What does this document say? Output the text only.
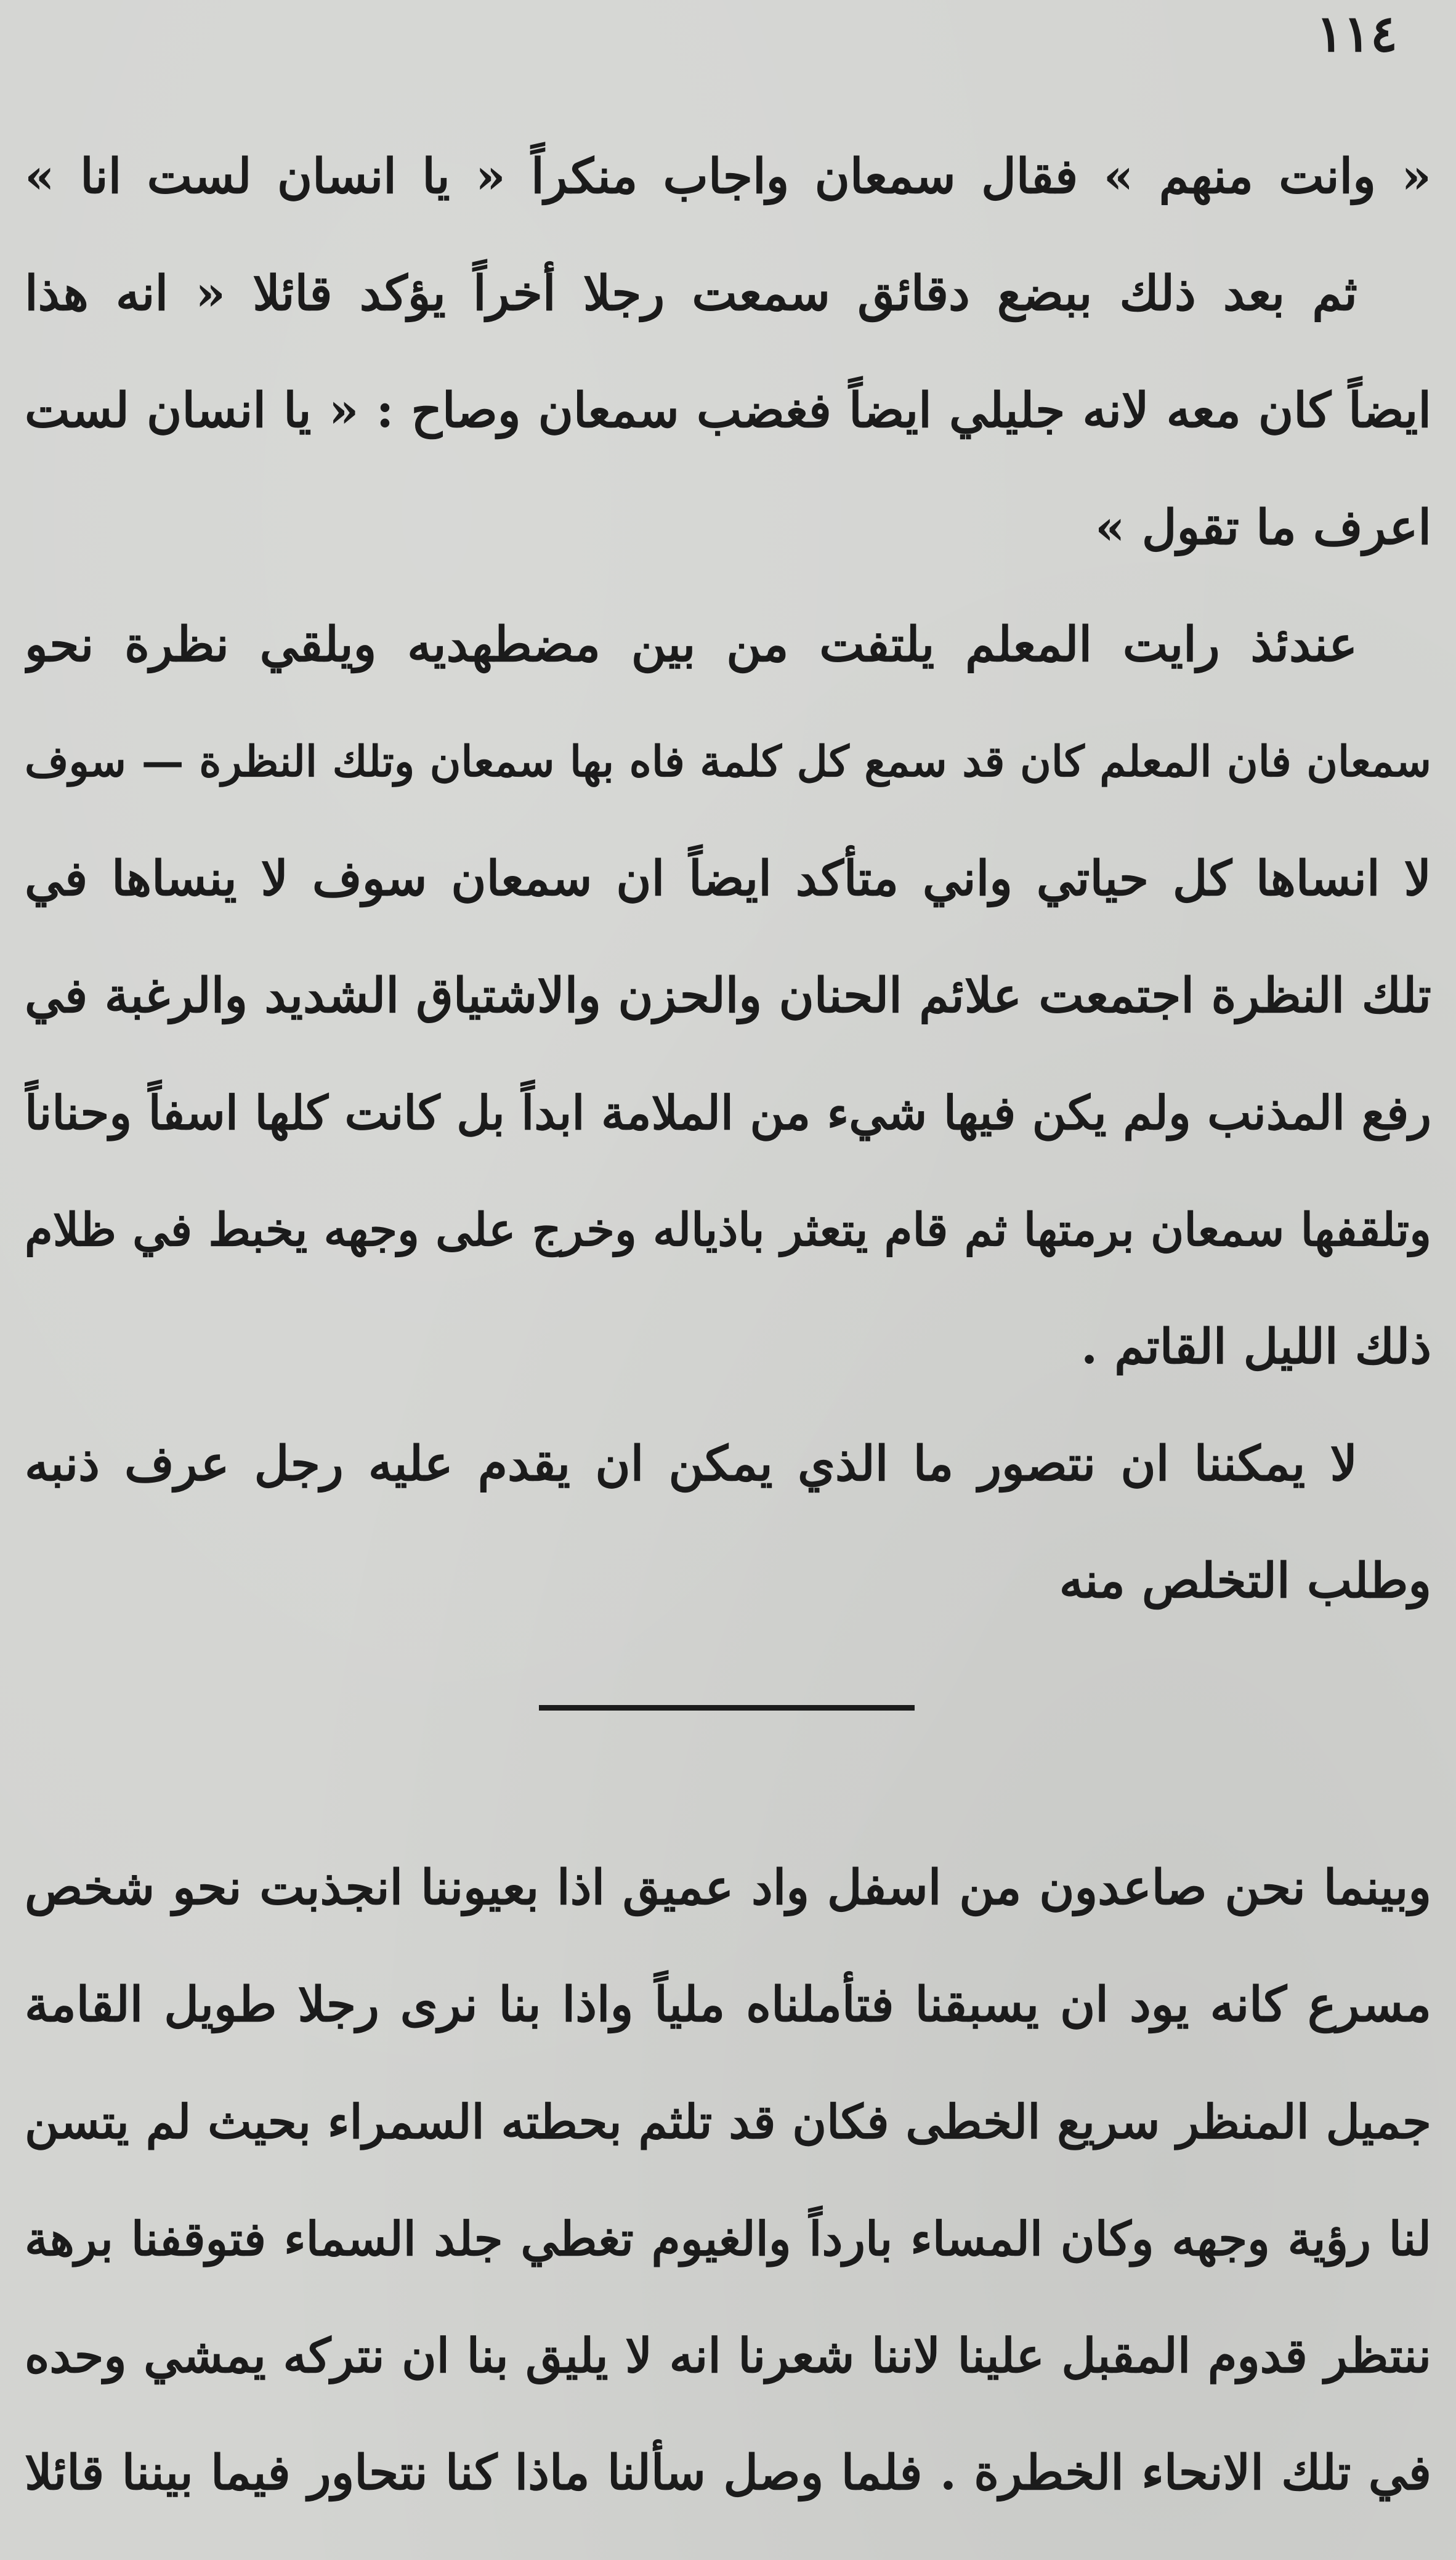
١١٤
« وانت منهم » فقال سمعان واجاب منكراً « يا انسان لست انا »
ثم بعد ذلك ببضع دقائق سمعت رجلا أخراً يؤكد قائلا « انه هذا
ايضاً كان معه لانه جليلي ايضاً فغضب سمعان وصاح : « يا انسان لست
اعرف ما تقول »
عندئذ رايت المعلم يلتفت من بين مضطهديه ويلقي نظرة نحو
سمعان فان المعلم كان قد سمع كل كلمة فاه بها سمعان وتلك النظرة — سوف
لا انساها كل حياتي واني متأكد ايضاً ان سمعان سوف لا ينساها في
تلك النظرة اجتمعت علائم الحنان والحزن والاشتياق الشديد والرغبة في
رفع المذنب ولم يكن فيها شيء من الملامة ابداً بل كانت كلها اسفاً وحناناً
وتلقفها سمعان برمتها ثم قام يتعثر باذياله وخرج على وجهه يخبط في ظلام
ذلك الليل القاتم .
لا يمكننا ان نتصور ما الذي يمكن ان يقدم عليه رجل عرف ذنبه
وطلب التخلص منه
وبينما نحن صاعدون من اسفل واد عميق اذا بعيوننا انجذبت نحو شخص
مسرع كانه يود ان يسبقنا فتأملناه ملياً واذا بنا نرى رجلا طويل القامة
جميل المنظر سريع الخطى فكان قد تلثم بحطته السمراء بحيث لم يتسن
لنا رؤية وجهه وكان المساء بارداً والغيوم تغطي جلد السماء فتوقفنا برهة
ننتظر قدوم المقبل علينا لاننا شعرنا انه لا يليق بنا ان نتركه يمشي وحده
في تلك الانحاء الخطرة . فلما وصل سألنا ماذا كنا نتحاور فيما بيننا قائلا
